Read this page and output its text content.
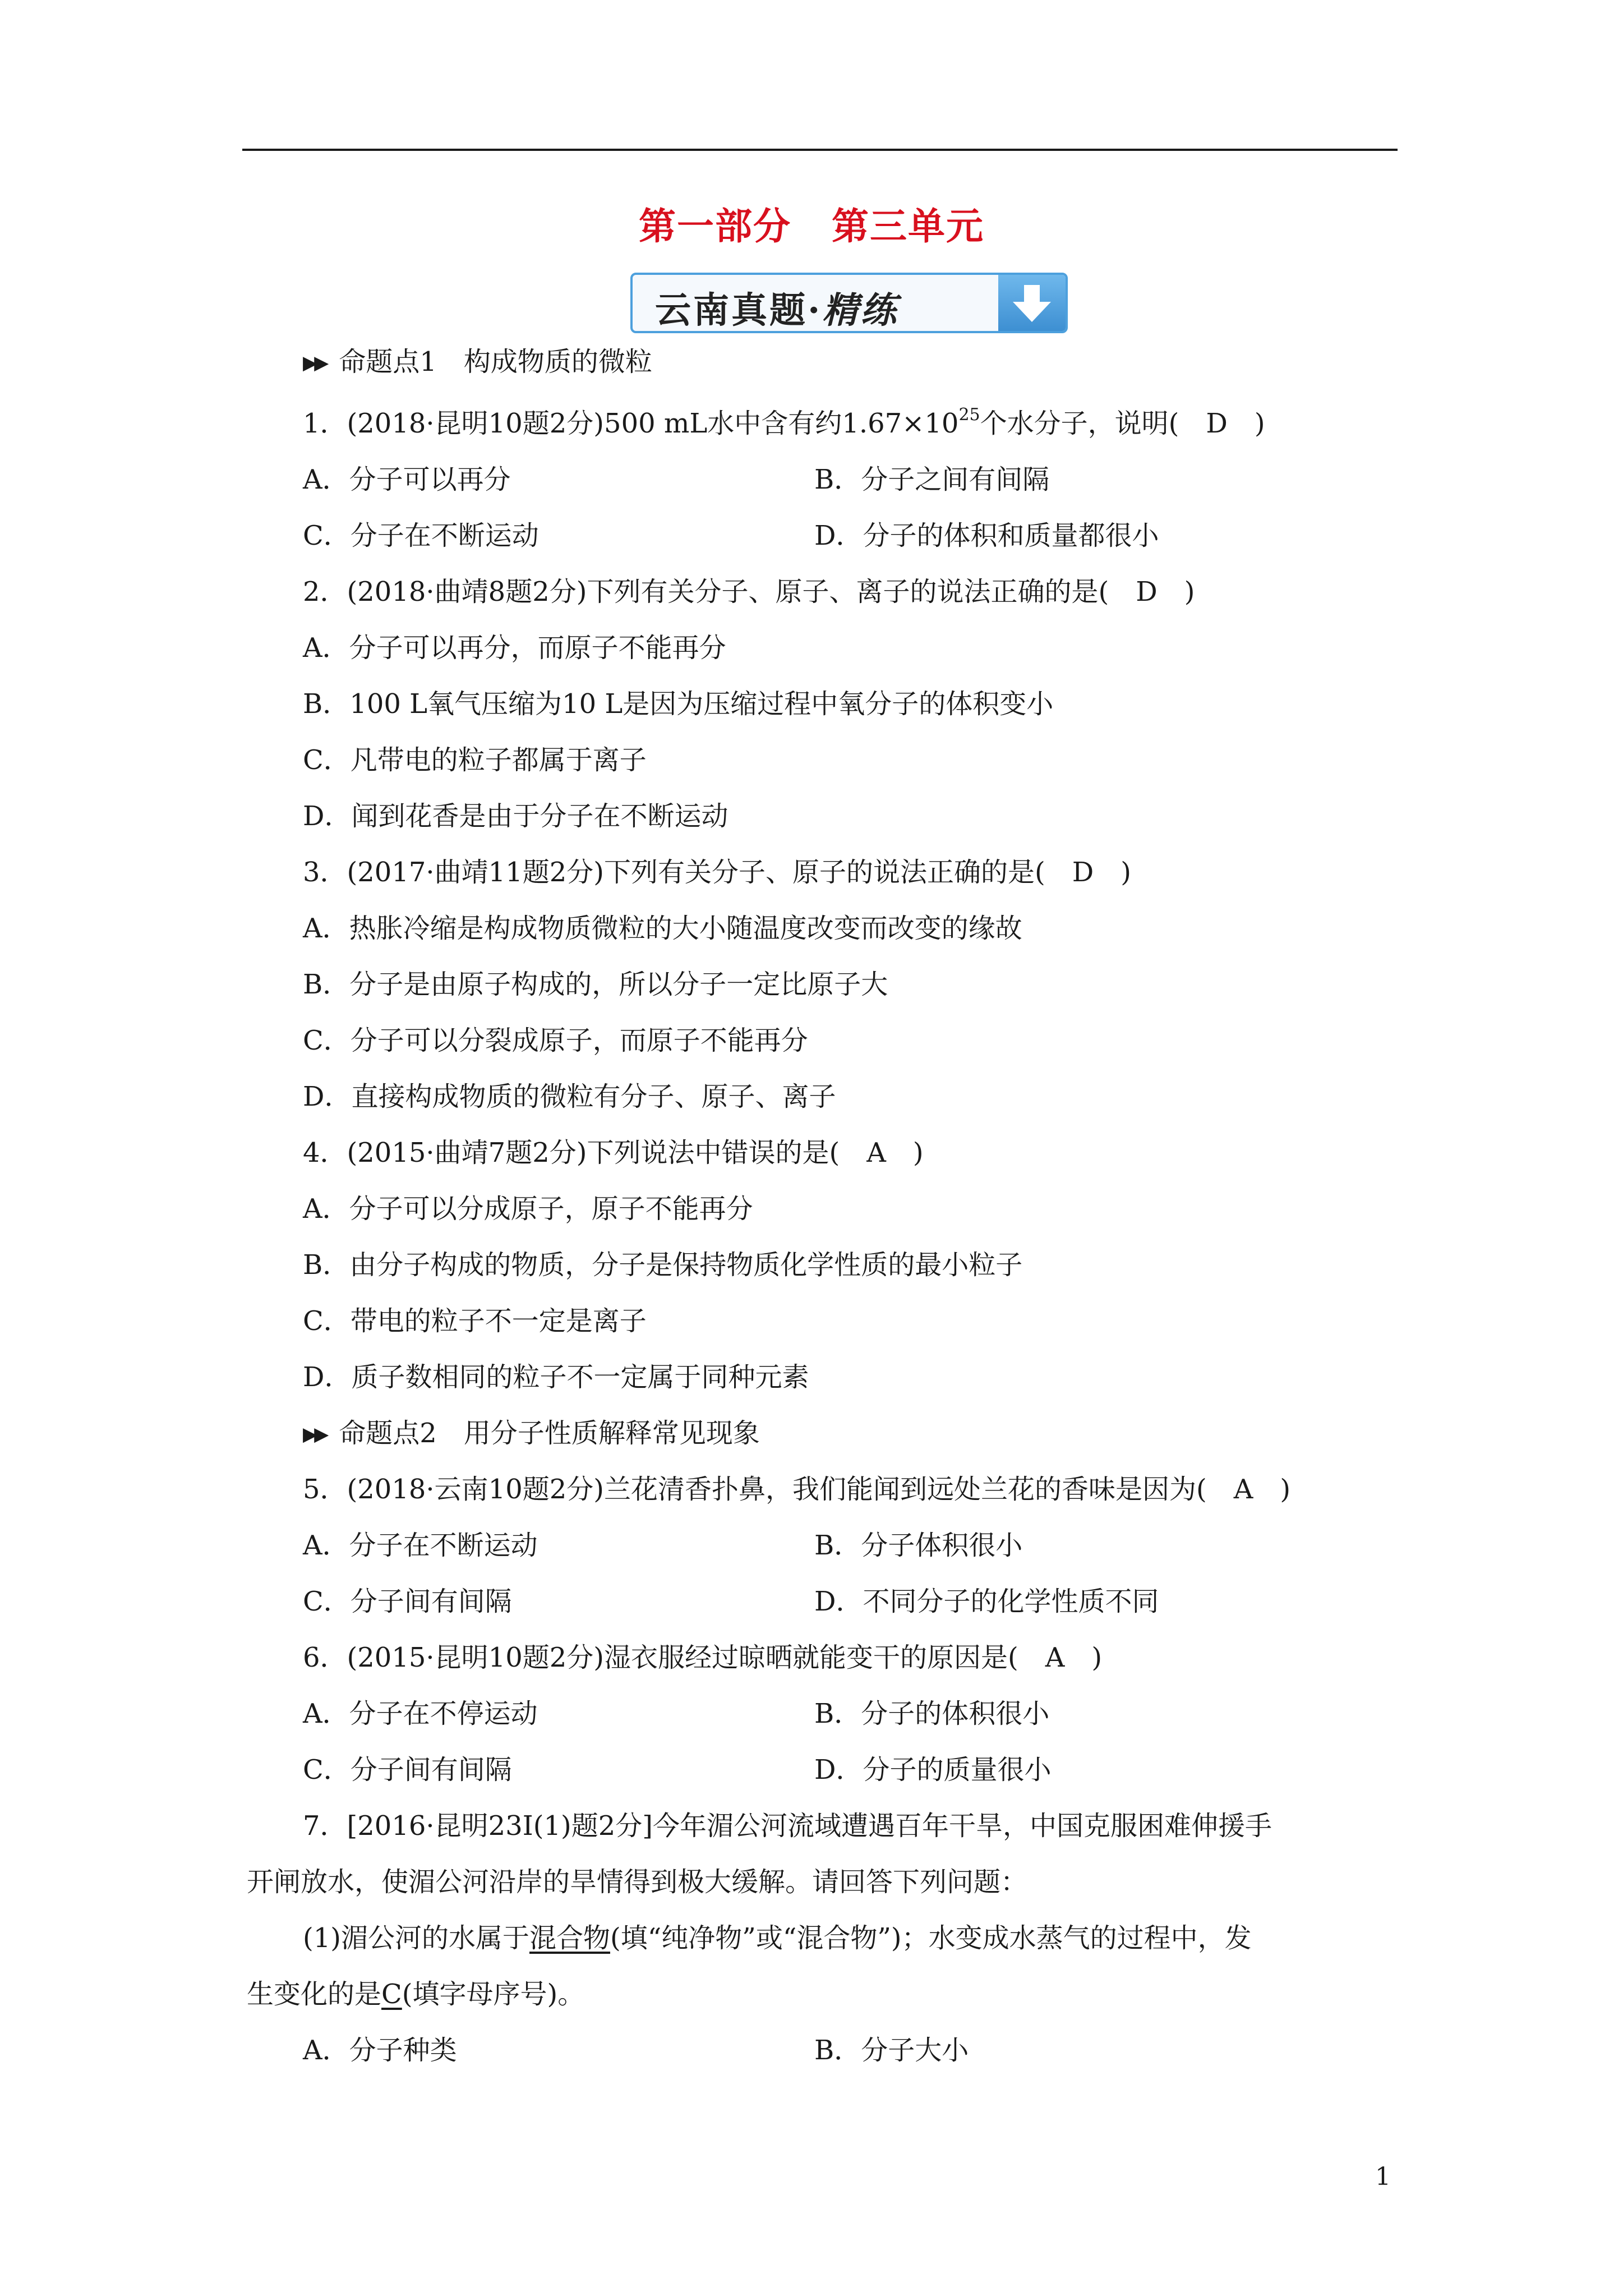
第一部分 第三单元
云南真题·精练
▶▶ 命题点1　构成物质的微粒
1．(2018·昆明10题2分)500 mL水中含有约$1.67\times 10^{25}$个水分子，说明(　D　)
A．分子可以再分	B．分子之间有间隔
C．分子在不断运动	D．分子的体积和质量都很小
2．(2018·曲靖8题2分)下列有关分子、原子、离子的说法正确的是(　D　)
A．分子可以再分，而原子不能再分
B．100 L氧气压缩为10 L是因为压缩过程中氧分子的体积变小
C．凡带电的粒子都属于离子
D．闻到花香是由于分子在不断运动
3．(2017·曲靖11题2分)下列有关分子、原子的说法正确的是(　D　)
A．热胀冷缩是构成物质微粒的大小随温度改变而改变的缘故
B．分子是由原子构成的，所以分子一定比原子大
C．分子可以分裂成原子，而原子不能再分
D．直接构成物质的微粒有分子、原子、离子
4．(2015·曲靖7题2分)下列说法中错误的是(　A　)
A．分子可以分成原子，原子不能再分
B．由分子构成的物质，分子是保持物质化学性质的最小粒子
C．带电的粒子不一定是离子
D．质子数相同的粒子不一定属于同种元素
▶▶ 命题点2　用分子性质解释常见现象
5．(2018·云南10题2分)兰花清香扑鼻，我们能闻到远处兰花的香味是因为(　A　)
A．分子在不断运动	B．分子体积很小
C．分子间有间隔	D．不同分子的化学性质不同
6．(2015·昆明10题2分)湿衣服经过晾晒就能变干的原因是(　A　)
A．分子在不停运动	B．分子的体积很小
C．分子间有间隔	D．分子的质量很小
7．[2016·昆明23Ⅰ(1)题2分]今年湄公河流域遭遇百年干旱，中国克服困难伸援手
开闸放水，使湄公河沿岸的旱情得到极大缓解。请回答下列问题：
(1)湄公河的水属于混合物(填“纯净物”或“混合物”)；水变成水蒸气的过程中，发
生变化的是C(填字母序号)。
A．分子种类	B．分子大小
1
